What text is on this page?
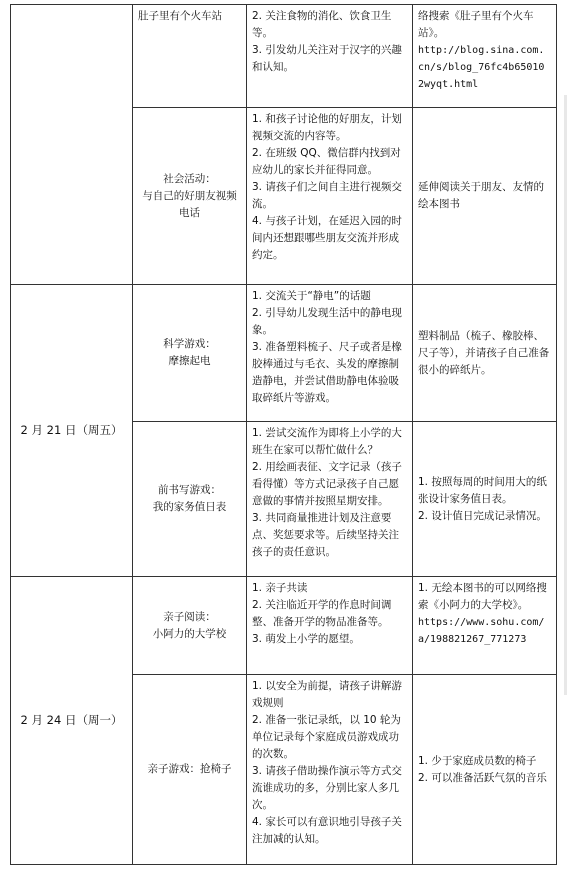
	肚子里有个火车站	2. 关注食物的消化、饮食卫生等。
3. 引发幼儿关注对于汉字的兴趣和认知。	络搜索《肚子里有个火车站》。
http://blog.sina.com.
cn/s/blog_76fc4b65010
2wyqt.html

	社会活动：
与自己的好朋友视频电话	1. 和孩子讨论他的好朋友，计划视频交流的内容等。
2. 在班级 QQ、微信群内找到对应幼儿的家长并征得同意。
3. 请孩子们之间自主进行视频交流。
4. 与孩子计划，在延迟入园的时间内还想跟哪些朋友交流并形成约定。	延伸阅读关于朋友、友情的绘本图书

2 月 21 日（周五）	科学游戏：
摩擦起电	1. 交流关于“静电”的话题
2. 引导幼儿发现生活中的静电现象。
3. 准备塑料梳子、尺子或者是橡胶棒通过与毛衣、头发的摩擦制造静电，并尝试借助静电体验吸取碎纸片等游戏。	塑料制品（梳子、橡胶棒、尺子等），并请孩子自己准备很小的碎纸片。

	前书写游戏：
我的家务值日表	1. 尝试交流作为即将上小学的大班生在家可以帮忙做什么？
2. 用绘画表征、文字记录（孩子看得懂）等方式记录孩子自己愿意做的事情并按照星期安排。
3. 共同商量推进计划及注意要点、奖惩要求等。后续坚持关注孩子的责任意识。	1. 按照每周的时间用大的纸张设计家务值日表。
2. 设计值日完成记录情况。

2 月 24 日（周一）	亲子阅读：
小阿力的大学校	1. 亲子共读
2. 关注临近开学的作息时间调整、准备开学的物品准备等。
3. 萌发上小学的愿望。	1. 无绘本图书的可以网络搜索《小阿力的大学校》。
https://www.sohu.com/
a/198821267_771273

	亲子游戏：抢椅子	1. 以安全为前提，请孩子讲解游戏规则
2. 准备一张记录纸，以 10 轮为单位记录每个家庭成员游戏成功的次数。
3. 请孩子借助操作演示等方式交流谁成功的多，分别比家人多几次。
4. 家长可以有意识地引导孩子关注加减的认知。	1. 少于家庭成员数的椅子
2. 可以准备活跃气氛的音乐
